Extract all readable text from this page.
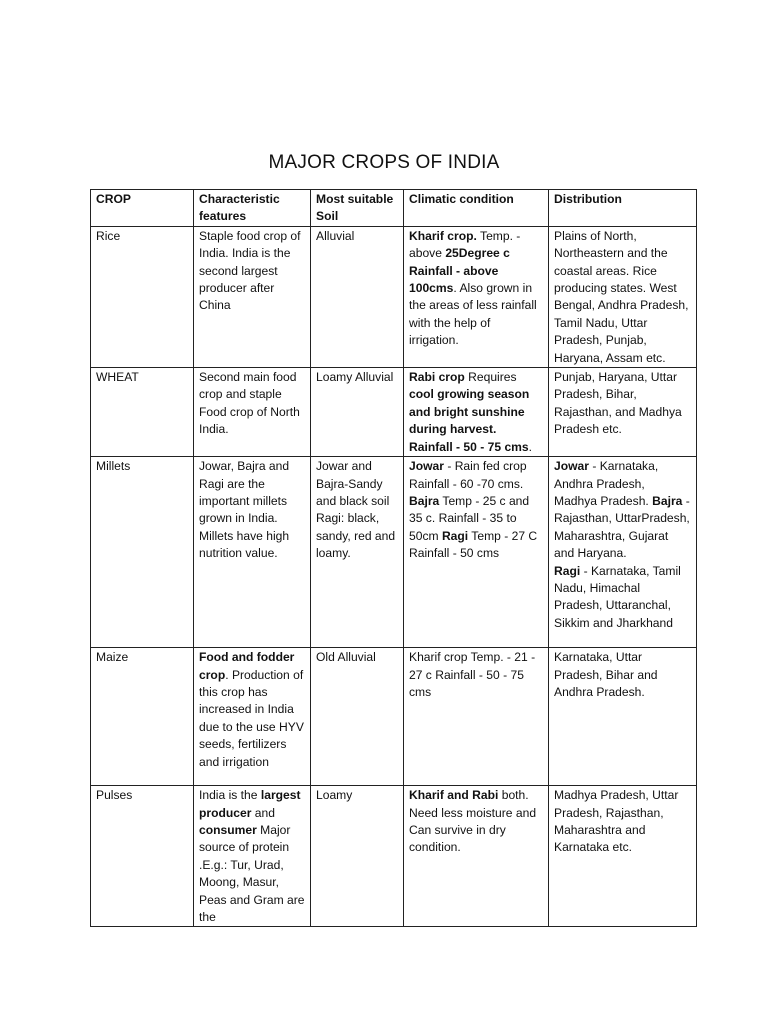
MAJOR CROPS OF INDIA
CROP	Characteristic features	Most suitable Soil	Climatic condition	Distribution
Rice	Staple food crop of India. India is the second largest producer after China	Alluvial	Kharif crop. Temp. - above 25Degree c Rainfall - above 100cms. Also grown in the areas of less rainfall with the help of irrigation.	Plains of North, Northeastern and the coastal areas. Rice producing states. West Bengal, Andhra Pradesh, Tamil Nadu, Uttar Pradesh, Punjab, Haryana, Assam etc.
WHEAT	Second main food crop and staple Food crop of North India.	Loamy Alluvial	Rabi crop Requires cool growing season and bright sunshine during harvest. Rainfall - 50 - 75 cms.	Punjab, Haryana, Uttar Pradesh, Bihar, Rajasthan, and Madhya Pradesh etc.
Millets	Jowar, Bajra and Ragi are the important millets grown in India. Millets have high nutrition value.	Jowar and Bajra-Sandy and black soil Ragi: black, sandy, red and loamy.	Jowar - Rain fed crop Rainfall - 60 -70 cms. Bajra Temp - 25 c and 35 c. Rainfall - 35 to 50cm Ragi Temp - 27 C Rainfall - 50 cms	Jowar - Karnataka, Andhra Pradesh, Madhya Pradesh. Bajra - Rajasthan, UttarPradesh, Maharashtra, Gujarat and Haryana.
Ragi - Karnataka, Tamil Nadu, Himachal Pradesh, Uttaranchal, Sikkim and Jharkhand
Maize	Food and fodder crop. Production of this crop has increased in India due to the use HYV seeds, fertilizers and irrigation	Old Alluvial	Kharif crop Temp. - 21 - 27 c Rainfall - 50 - 75 cms	Karnataka, Uttar Pradesh, Bihar and Andhra Pradesh.
Pulses	India is the largest producer and consumer Major source of protein .E.g.: Tur, Urad, Moong, Masur, Peas and Gram are the	Loamy	Kharif and Rabi both. Need less moisture and Can survive in dry condition.	Madhya Pradesh, Uttar Pradesh, Rajasthan, Maharashtra and Karnataka etc.
